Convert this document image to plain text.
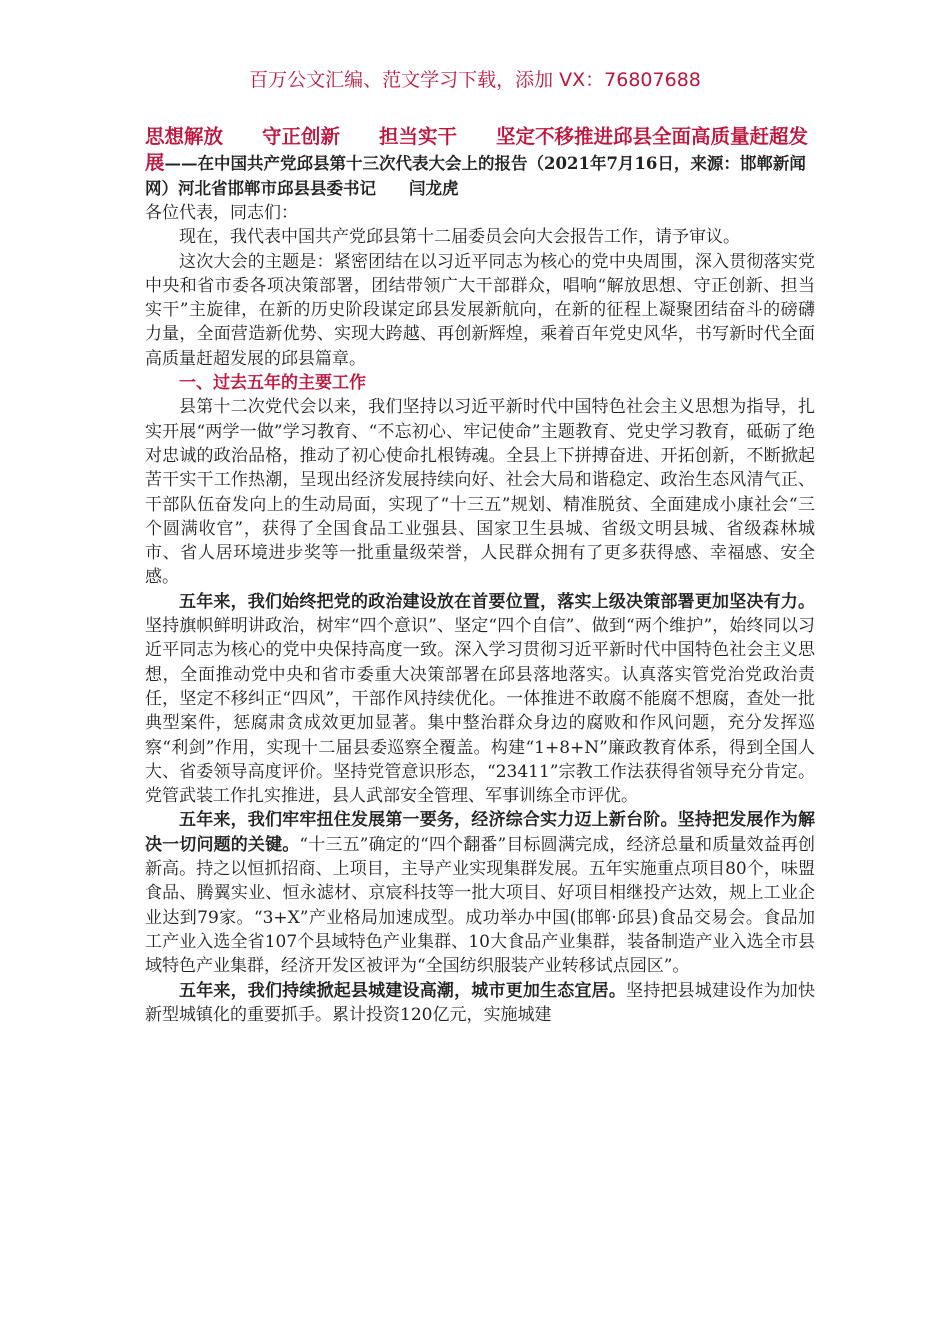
百万公文汇编、范文学习下载，添加 VX：76807688
思想解放　　守正创新　　担当实干　　坚定不移推进邱县全面高质量赶超发展——在中国共产党邱县第十三次代表大会上的报告（2021年7月16日，来源：邯郸新闻网）河北省邯郸市邱县县委书记　　闫龙虎

各位代表，同志们：

现在，我代表中国共产党邱县第十二届委员会向大会报告工作，请予审议。

这次大会的主题是：紧密团结在以习近平同志为核心的党中央周围，深入贯彻落实党中央和省市委各项决策部署，团结带领广大干部群众，唱响“解放思想、守正创新、担当实干”主旋律，在新的历史阶段谋定邱县发展新航向，在新的征程上凝聚团结奋斗的磅礴力量，全面营造新优势、实现大跨越、再创新辉煌，乘着百年党史风华，书写新时代全面高质量赶超发展的邱县篇章。

一、过去五年的主要工作

县第十二次党代会以来，我们坚持以习近平新时代中国特色社会主义思想为指导，扎实开展“两学一做”学习教育、“不忘初心、牢记使命”主题教育、党史学习教育，砥砺了绝对忠诚的政治品格，推动了初心使命扎根铸魂。全县上下拼搏奋进、开拓创新，不断掀起苦干实干工作热潮，呈现出经济发展持续向好、社会大局和谐稳定、政治生态风清气正、干部队伍奋发向上的生动局面，实现了“十三五”规划、精准脱贫、全面建成小康社会“三个圆满收官”，获得了全国食品工业强县、国家卫生县城、省级文明县城、省级森林城市、省人居环境进步奖等一批重量级荣誉，人民群众拥有了更多获得感、幸福感、安全感。

五年来，我们始终把党的政治建设放在首要位置，落实上级决策部署更加坚决有力。坚持旗帜鲜明讲政治，树牢“四个意识”、坚定“四个自信”、做到“两个维护”，始终同以习近平同志为核心的党中央保持高度一致。深入学习贯彻习近平新时代中国特色社会主义思想，全面推动党中央和省市委重大决策部署在邱县落地落实。认真落实管党治党政治责任，坚定不移纠正“四风”，干部作风持续优化。一体推进不敢腐不能腐不想腐，查处一批典型案件，惩腐肃贪成效更加显著。集中整治群众身边的腐败和作风问题，充分发挥巡察“利剑”作用，实现十二届县委巡察全覆盖。构建“1+8+N”廉政教育体系，得到全国人大、省委领导高度评价。坚持党管意识形态，“23411”宗教工作法获得省领导充分肯定。党管武装工作扎实推进，县人武部安全管理、军事训练全市评优。

五年来，我们牢牢扭住发展第一要务，经济综合实力迈上新台阶。坚持把发展作为解决一切问题的关键。“十三五”确定的“四个翻番”目标圆满完成，经济总量和质量效益再创新高。持之以恒抓招商、上项目，主导产业实现集群发展。五年实施重点项目80个，味盟食品、腾翼实业、恒永滤材、京宸科技等一批大项目、好项目相继投产达效，规上工业企业达到79家。“3+X”产业格局加速成型。成功举办中国(邯郸·邱县)食品交易会。食品加工产业入选全省107个县域特色产业集群、10大食品产业集群，装备制造产业入选全市县域特色产业集群，经济开发区被评为“全国纺织服装产业转移试点园区”。

五年来，我们持续掀起县城建设高潮，城市更加生态宜居。坚持把县城建设作为加快新型城镇化的重要抓手。累计投资120亿元，实施城建
